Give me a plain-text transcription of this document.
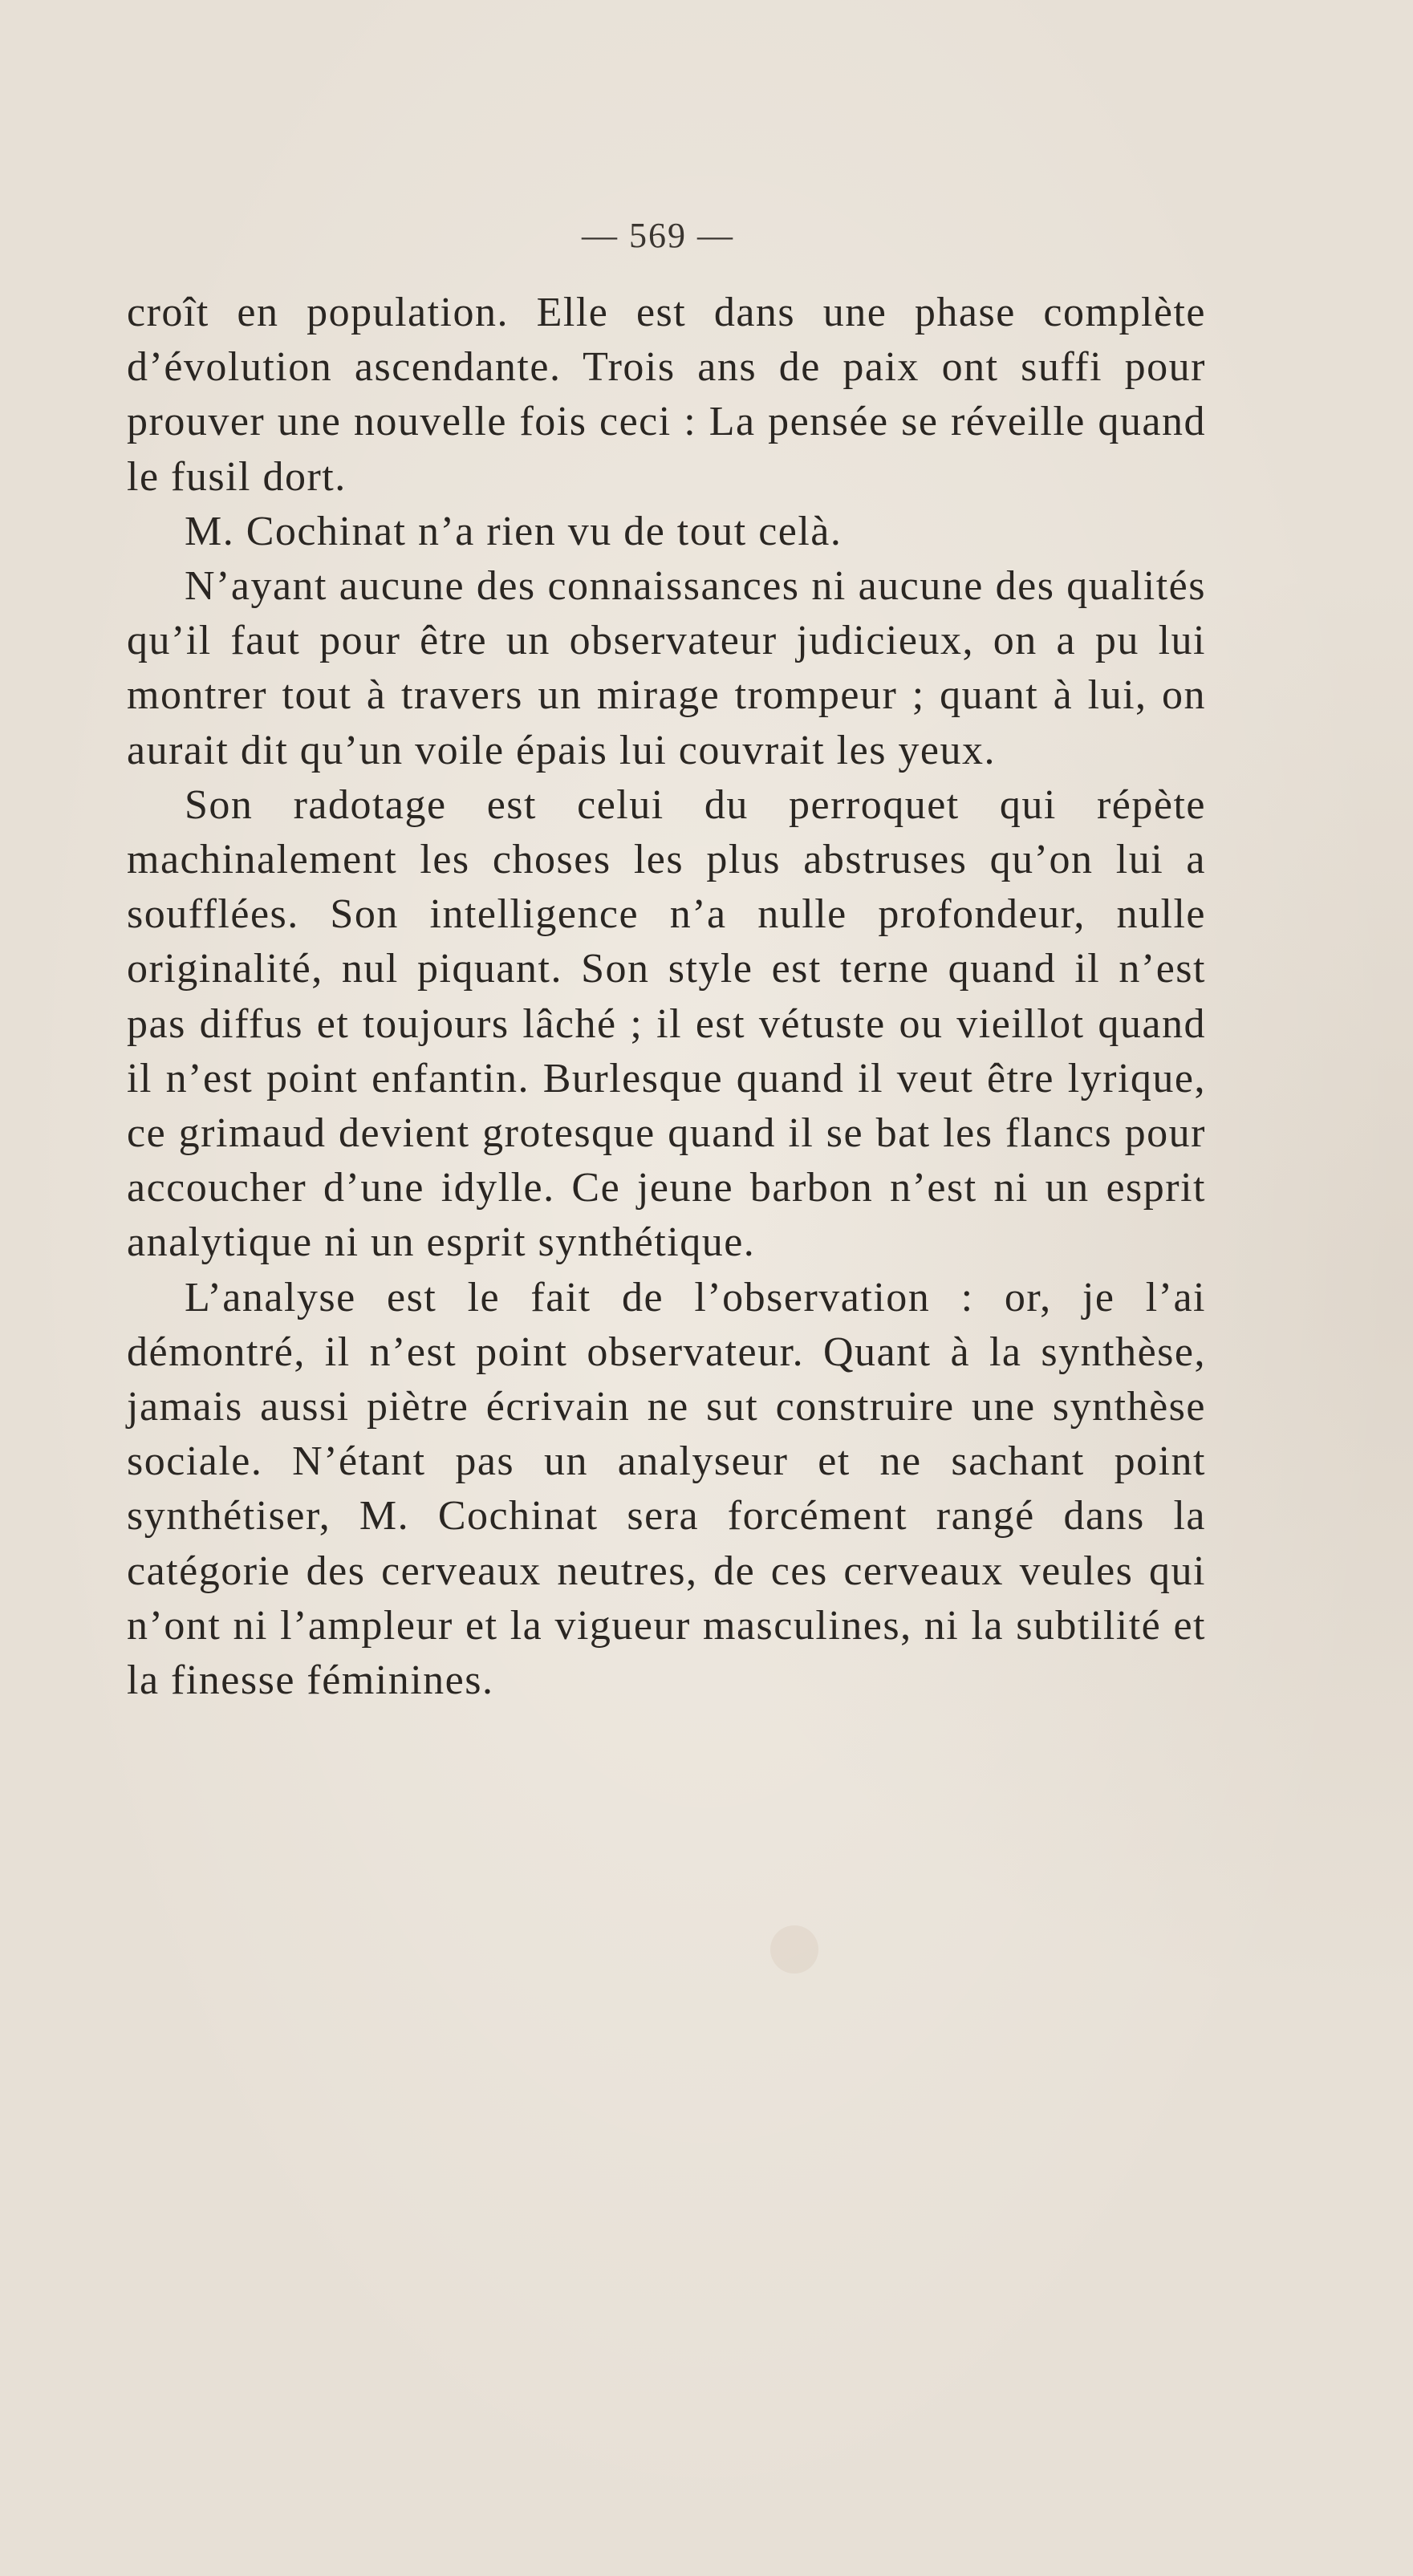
— 569 —

croît en population. Elle est dans une phase complète d’évolution ascendante. Trois ans de paix ont suffi pour prouver une nouvelle fois ceci : La pensée se réveille quand le fusil dort.

M. Cochinat n’a rien vu de tout celà.

N’ayant aucune des connaissances ni aucune des qualités qu’il faut pour être un observateur judicieux, on a pu lui montrer tout à travers un mirage trompeur ; quant à lui, on aurait dit qu’un voile épais lui couvrait les yeux.

Son radotage est celui du perroquet qui répète machinalement les choses les plus abstruses qu’on lui a soufflées. Son intelligence n’a nulle profondeur, nulle originalité, nul piquant. Son style est terne quand il n’est pas diffus et toujours lâché ; il est vétuste ou vieillot quand il n’est point enfantin. Burlesque quand il veut être lyrique, ce grimaud devient grotesque quand il se bat les flancs pour accoucher d’une idylle. Ce jeune barbon n’est ni un esprit analytique ni un esprit synthétique.

L’analyse est le fait de l’observation : or, je l’ai démontré, il n’est point observateur. Quant à la synthèse, jamais aussi piètre écrivain ne sut construire une synthèse sociale. N’étant pas un analyseur et ne sachant point synthétiser, M. Cochinat sera forcément rangé dans la catégorie des cerveaux neutres, de ces cerveaux veules qui n’ont ni l’ampleur et la vigueur masculines, ni la subtilité et la finesse féminines.
